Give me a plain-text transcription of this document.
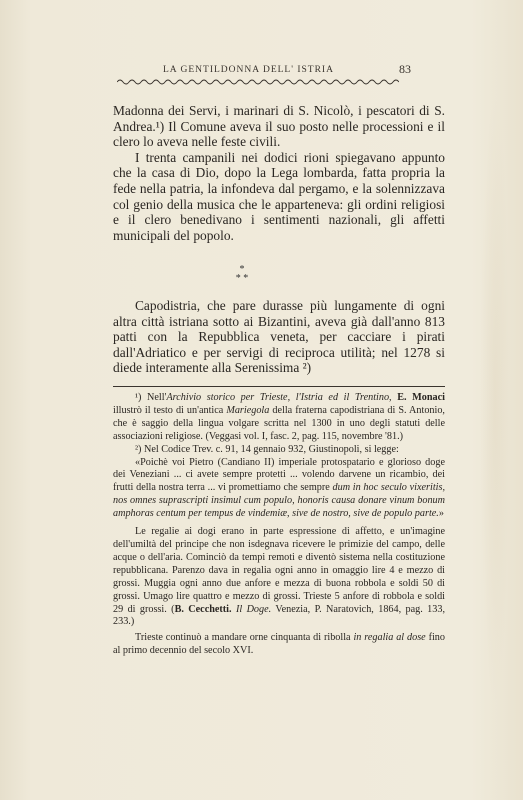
LA GENTILDONNA DELL' ISTRIA	83

Madonna dei Servi, i marinari di S. Nicolò, i pescatori di S. Andrea.¹) Il Comune aveva il suo posto nelle processioni e il clero lo aveva nelle feste civili.

I trenta campanili nei dodici rioni spiegavano appunto che la casa di Dio, dopo la Lega lombarda, fatta propria la fede nella patria, la infondeva dal pergamo, e la solennizzava col genio della musica che le apparteneva: gli ordini religiosi e il clero benedivano i sentimenti nazionali, gli affetti municipali del popolo.

*
* *

Capodistria, che pare durasse più lungamente di ogni altra città istriana sotto ai Bizantini, aveva già dall'anno 813 patti con la Repubblica veneta, per cacciare i pirati dall'Adriatico e per servigi di reciproca utilità; nel 1278 si diede interamente alla Serenissima ²)

¹) Nell'Archivio storico per Trieste, l'Istria ed il Trentino, E. Monaci illustrò il testo di un'antica Mariegola della fraterna capodistriana di S. Antonio, che è saggio della lingua volgare scritta nel 1300 in uno degli statuti delle associazioni religiose. (Veggasi vol. I, fasc. 2, pag. 115, novembre '81.)

²) Nel Codice Trev. c. 91, 14 gennaio 932, Giustinopoli, si legge:

«Poichè voi Pietro (Candiano II) imperiale protospatario e glorioso doge dei Veneziani ... ci avete sempre protetti ... volendo darvene un ricambio, dei frutti della nostra terra ... vi promettiamo che sempre dum in hoc seculo vixeritis, nos omnes suprascripti insimul cum populo, honoris causa donare vinum bonum amphoras centum per tempus de vindemiæ, sive de nostro, sive de populo parte.»

Le regalie ai dogi erano in parte espressione di affetto, e un'imagine dell'umiltà del principe che non isdegnava ricevere le primizie del campo, delle acque o dell'aria. Cominciò da tempi remoti e diventò sistema nella costituzione repubblicana. Parenzo dava in regalia ogni anno in omaggio lire 4 e mezzo di grossi. Muggia ogni anno due anfore e mezza di buona robbola e soldi 50 di grossi. Umago lire quattro e mezzo di grossi. Trieste 5 anfore di robbola e soldi 29 di grossi. (B. Cecchetti. Il Doge. Venezia, P. Naratovich, 1864, pag. 133, 233.)

Trieste continuò a mandare orne cinquanta di ribolla in regalia al dose fino al primo decennio del secolo XVI.
